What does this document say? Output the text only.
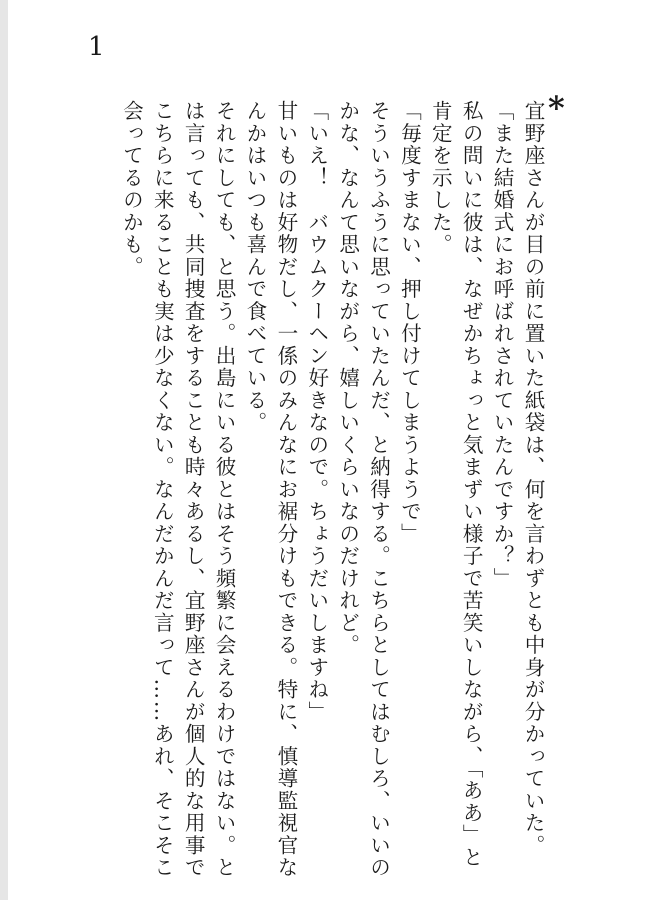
1
*

宜野座さんが目の前に置いた紙袋は、何を言わずとも中身が分かっていた。

「また結婚式にお呼ばれされていたんですか？」

私の問いに彼は、なぜかちょっと気まずい様子で苦笑いしながら、「ああ」と肯定を示した。

「毎度すまない、押し付けてしまうようで」

そういうふうに思っていたんだ、と納得する。こちらとしてはむしろ、いいのかな、なんて思いながら、嬉しいくらいなのだけれど。

「いえ！　バウムクーヘン好きなので。ちょうだいしますね」

甘いものは好物だし、一係のみんなにお裾分けもできる。特に、慎導監視官なんかはいつも喜んで食べている。

それにしても、と思う。出島にいる彼とはそう頻繁に会えるわけではない。とは言っても、共同捜査をすることも時々あるし、宜野座さんが個人的な用事でこちらに来ることも実は少なくない。なんだかんだ言って……あれ、そこそこ会ってるのかも。
